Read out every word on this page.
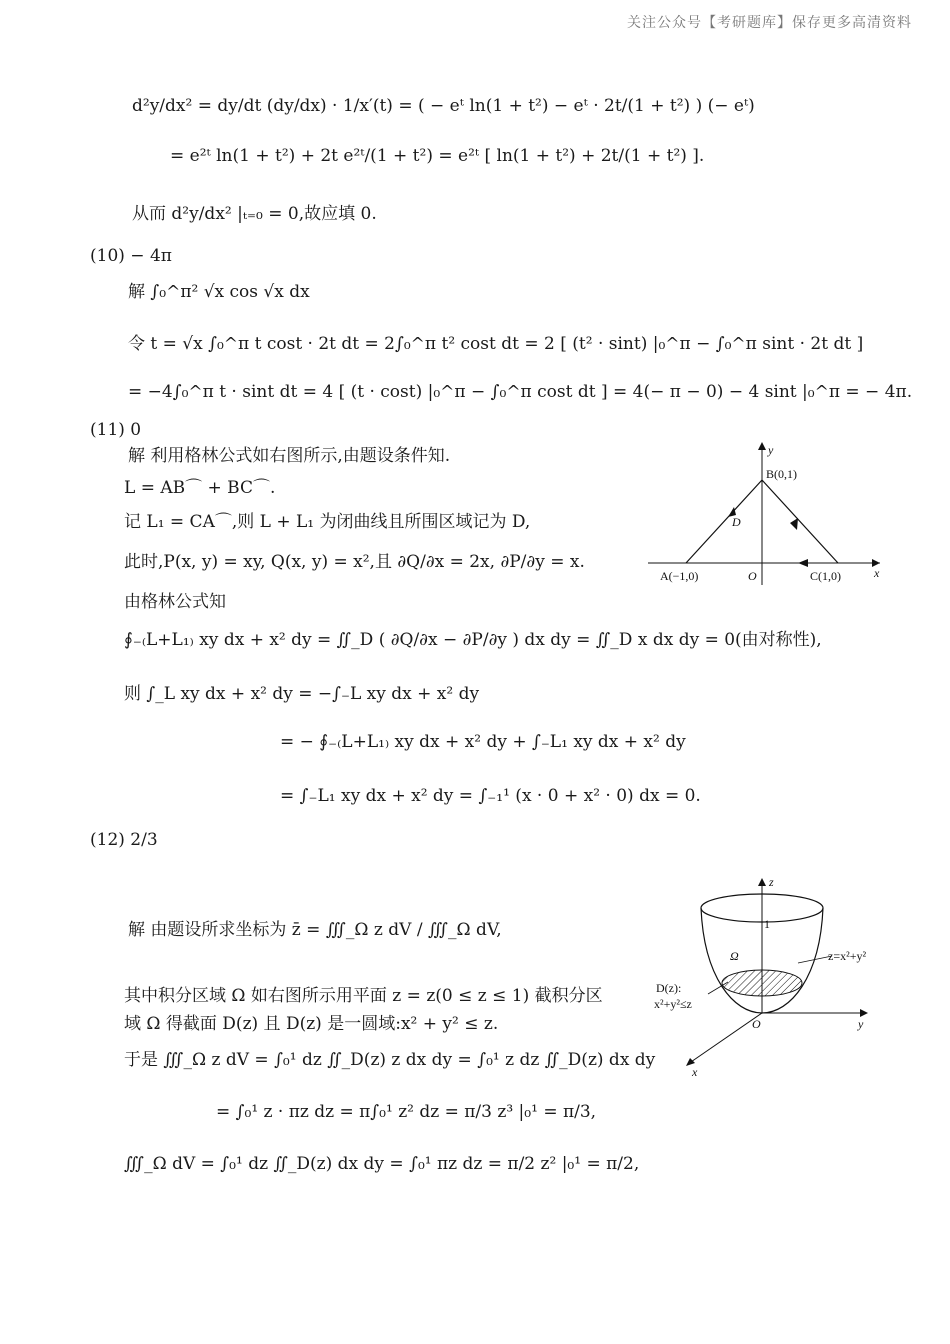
关注公众号【考研题库】保存更多高清资料
d²y/dx² = dy/dt (dy/dx) · 1/x′(t) = ( − eᵗ ln(1 + t²) − eᵗ · 2t/(1 + t²) ) (− eᵗ)
= e²ᵗ ln(1 + t²) + 2t e²ᵗ/(1 + t²) = e²ᵗ [ ln(1 + t²) + 2t/(1 + t²) ].
从而 d²y/dx² |ₜ₌₀ = 0,故应填 0.
(10) − 4π
解 ∫₀^π² √x cos √x dx
令 t = √x ∫₀^π t cost · 2t dt = 2∫₀^π t² cost dt = 2 [ (t² · sint) |₀^π − ∫₀^π sint · 2t dt ]
= −4∫₀^π t · sint dt = 4 [ (t · cost) |₀^π − ∫₀^π cost dt ] = 4(− π − 0) − 4 sint |₀^π = − 4π.
(11) 0
解 利用格林公式如右图所示,由题设条件知.
L = AB⌒ + BC⌒.
记 L₁ = CA⌒,则 L + L₁ 为闭曲线且所围区域记为 D,
此时,P(x, y) = xy, Q(x, y) = x²,且 ∂Q/∂x = 2x, ∂P/∂y = x.
由格林公式知
∮₋₍L+L₁₎ xy dx + x² dy = ∬_D ( ∂Q/∂x − ∂P/∂y ) dx dy = ∬_D x dx dy = 0(由对称性),
则 ∫_L xy dx + x² dy = −∫₋L xy dx + x² dy
= − ∮₋₍L+L₁₎ xy dx + x² dy + ∫₋L₁ xy dx + x² dy
= ∫₋L₁ xy dx + x² dy = ∫₋₁¹ (x · 0 + x² · 0) dx = 0.
y
x
B(0,1)
A(−1,0)	O	C(1,0)
D
(12) 2/3
解 由题设所求坐标为 z̄ = ∭_Ω z dV / ∭_Ω dV,
其中积分区域 Ω 如右图所示用平面 z = z(0 ≤ z ≤ 1) 截积分区
域 Ω 得截面 D(z) 且 D(z) 是一圆域:x² + y² ≤ z.
于是 ∭_Ω z dV = ∫₀¹ dz ∬_D(z) z dx dy = ∫₀¹ z dz ∬_D(z) dx dy
= ∫₀¹ z · πz dz = π∫₀¹ z² dz = π/3 z³ |₀¹ = π/3,
∭_Ω dV = ∫₀¹ dz ∬_D(z) dx dy = ∫₀¹ πz dz = π/2 z² |₀¹ = π/2,
z
1
Ω	z=x²+y²
D(z):
x²+y²≤z
O	y
x
